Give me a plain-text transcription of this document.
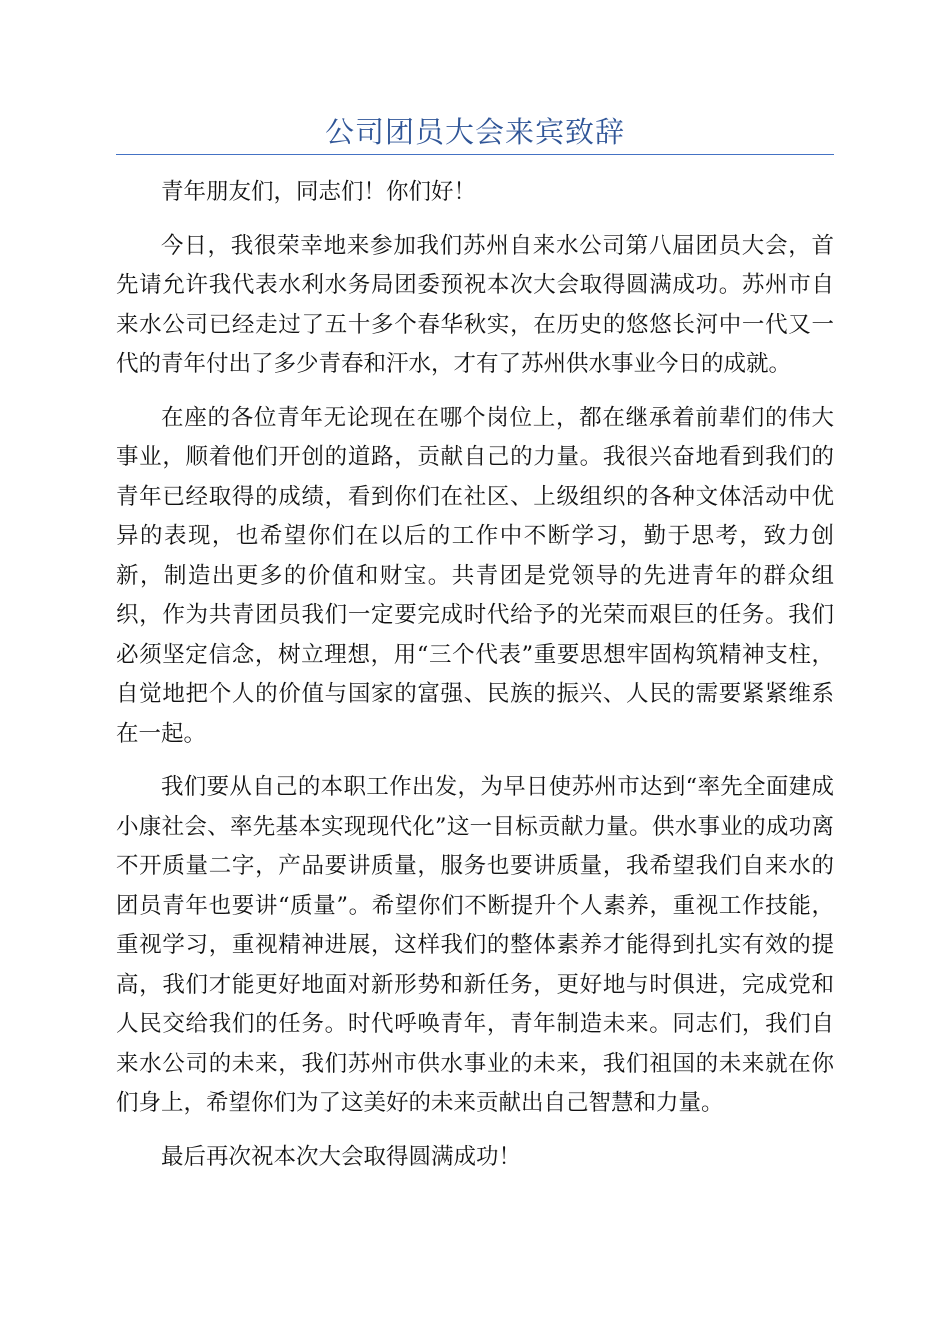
公司团员大会来宾致辞

青年朋友们，同志们！你们好！

今日，我很荣幸地来参加我们苏州自来水公司第八届团员大会，首先请允许我代表水利水务局团委预祝本次大会取得圆满成功。苏州市自来水公司已经走过了五十多个春华秋实，在历史的悠悠长河中一代又一代的青年付出了多少青春和汗水，才有了苏州供水事业今日的成就。

在座的各位青年无论现在在哪个岗位上，都在继承着前辈们的伟大事业，顺着他们开创的道路，贡献自己的力量。我很兴奋地看到我们的青年已经取得的成绩，看到你们在社区、上级组织的各种文体活动中优异的表现，也希望你们在以后的工作中不断学习，勤于思考，致力创新，制造出更多的价值和财宝。共青团是党领导的先进青年的群众组织，作为共青团员我们一定要完成时代给予的光荣而艰巨的任务。我们必须坚定信念，树立理想，用“三个代表”重要思想牢固构筑精神支柱，自觉地把个人的价值与国家的富强、民族的振兴、人民的需要紧紧维系在一起。

我们要从自己的本职工作出发，为早日使苏州市达到“率先全面建成小康社会、率先基本实现现代化”这一目标贡献力量。供水事业的成功离不开质量二字，产品要讲质量，服务也要讲质量，我希望我们自来水的团员青年也要讲“质量”。希望你们不断提升个人素养，重视工作技能，重视学习，重视精神进展，这样我们的整体素养才能得到扎实有效的提高，我们才能更好地面对新形势和新任务，更好地与时俱进，完成党和人民交给我们的任务。时代呼唤青年，青年制造未来。同志们，我们自来水公司的未来，我们苏州市供水事业的未来，我们祖国的未来就在你们身上，希望你们为了这美好的未来贡献出自己智慧和力量。

最后再次祝本次大会取得圆满成功！
